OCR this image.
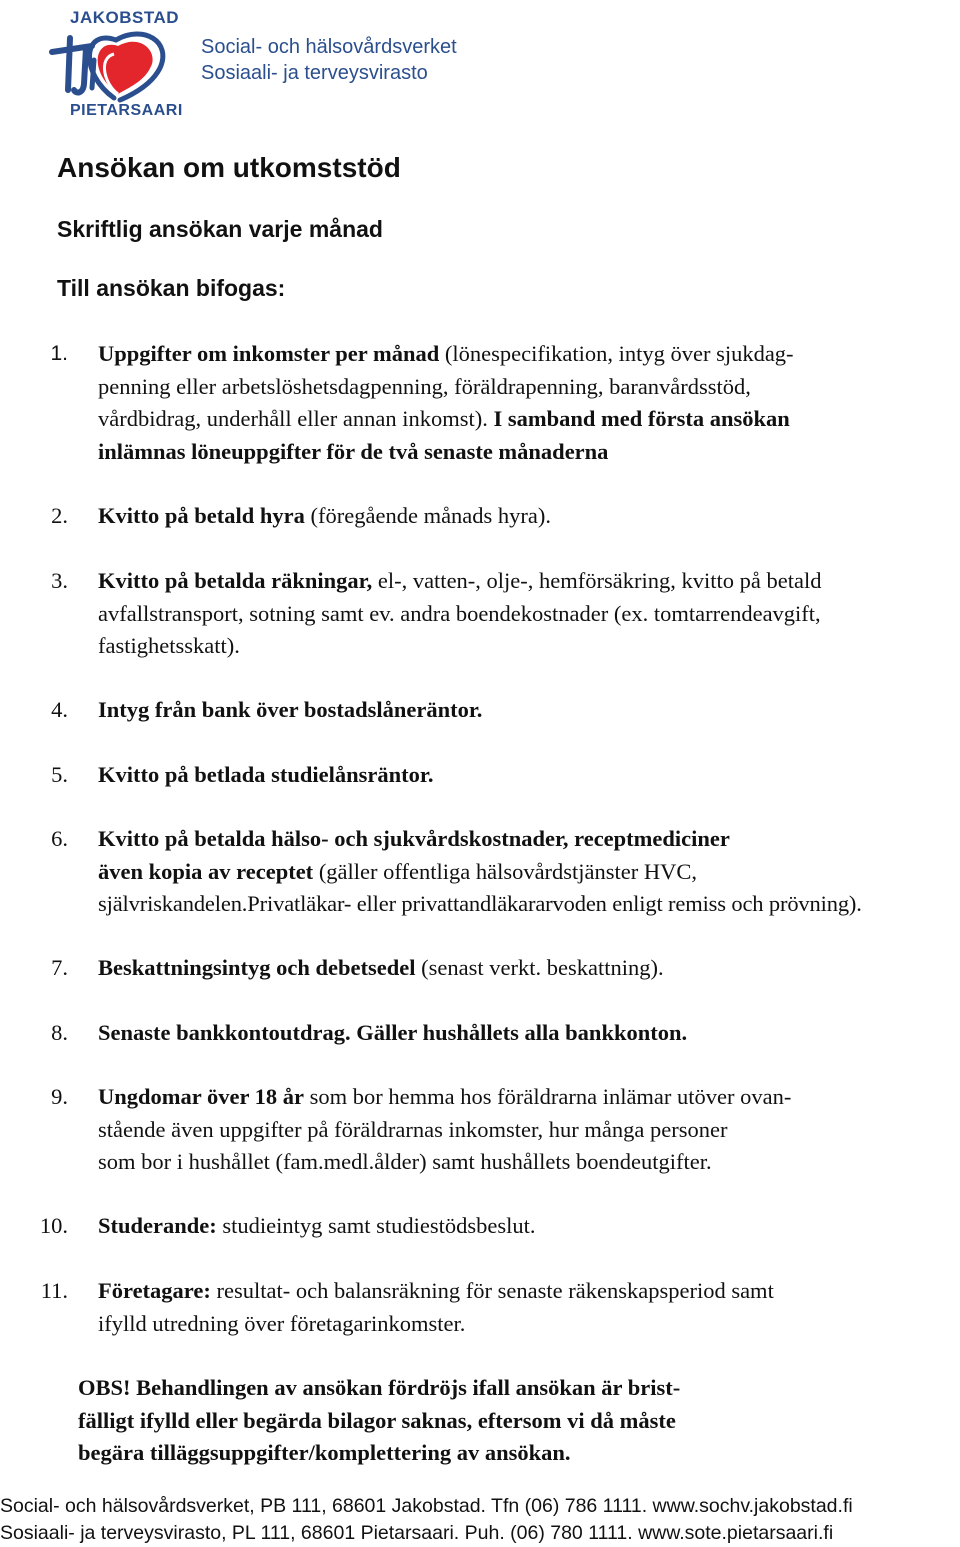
JAKOBSTAD
Social- och hälsovårdsverket
Sosiaali- ja terveysvirasto
PIETARSAARI
Ansökan om utkomststöd
Skriftlig ansökan varje månad
Till ansökan bifogas:
1. Uppgifter om inkomster per månad (lönespecifikation, intyg över sjukdag-
penning eller arbetslöshetsdagpenning, föräldrapenning, baranvårdsstöd,
vårdbidrag, underhåll eller annan inkomst). I samband med första ansökan
inlämnas löneuppgifter för de två senaste månaderna
2. Kvitto på betald hyra (föregående månads hyra).
3. Kvitto på betalda räkningar, el-, vatten-, olje-, hemförsäkring, kvitto på betald
avfallstransport, sotning samt ev. andra boendekostnader (ex. tomtarrendeavgift,
fastighetsskatt).
4. Intyg från bank över bostadslåneräntor.
5. Kvitto på betlada studielånsräntor.
6. Kvitto på betalda hälso- och sjukvårdskostnader, receptmediciner
även kopia av receptet (gäller offentliga hälsovårdstjänster HVC,
självriskandelen.Privatläkar- eller privattandläkararvoden enligt remiss och prövning).
7. Beskattningsintyg och debetsedel (senast verkt. beskattning).
8. Senaste bankkontoutdrag. Gäller hushållets alla bankkonton.
9. Ungdomar över 18 år som bor hemma hos föräldrarna inlämar utöver ovan-
stående även uppgifter på föräldrarnas inkomster, hur många personer
som bor i hushållet (fam.medl.ålder) samt hushållets boendeutgifter.
10. Studerande: studieintyg samt studiestödsbeslut.
11. Företagare: resultat- och balansräkning för senaste räkenskapsperiod samt
ifylld utredning över företagarinkomster.
OBS! Behandlingen av ansökan fördröjs ifall ansökan är brist-
fälligt ifylld eller begärda bilagor saknas, eftersom vi då måste
begära tilläggsuppgifter/komplettering av ansökan.
Social- och hälsovårdsverket, PB 111, 68601 Jakobstad. Tfn (06) 786 1111. www.sochv.jakobstad.fi
Sosiaali- ja terveysvirasto, PL 111, 68601 Pietarsaari. Puh. (06) 780 1111. www.sote.pietarsaari.fi
